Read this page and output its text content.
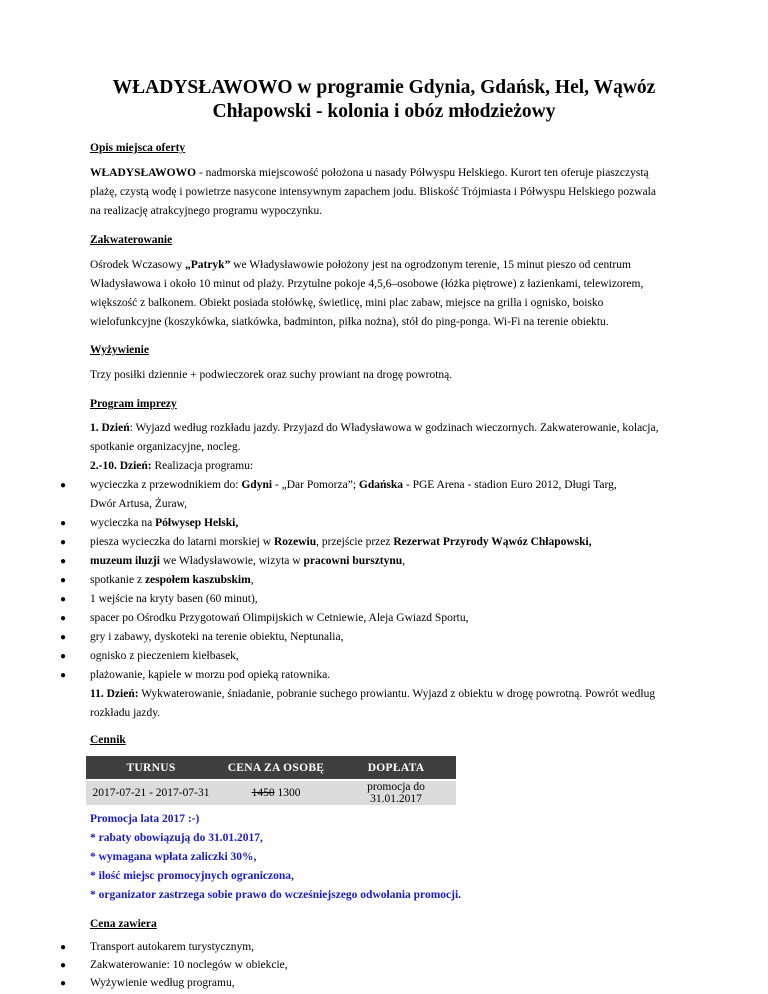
WŁADYSŁAWOWO w programie Gdynia, Gdańsk, Hel, Wąwóz Chłapowski - kolonia i obóz młodzieżowy

Opis miejsca oferty

WŁADYSŁAWOWO - nadmorska miejscowość położona u nasady Półwyspu Helskiego. Kurort ten oferuje piaszczystą
plażę, czystą wodę i powietrze nasycone intensywnym zapachem jodu. Bliskość Trójmiasta i Półwyspu Helskiego pozwala
na realizację atrakcyjnego programu wypoczynku.

Zakwaterowanie

Ośrodek Wczasowy „Patryk” we Władysławowie położony jest na ogrodzonym terenie, 15 minut pieszo od centrum
Władysławowa i około 10 minut od plaży. Przytulne pokoje 4,5,6–osobowe (łóżka piętrowe) z łazienkami, telewizorem,
większość z balkonem. Obiekt posiada stołówkę, świetlicę, mini plac zabaw, miejsce na grilla i ognisko, boisko
wielofunkcyjne (koszykówka, siatkówka, badminton, piłka nożna), stół do ping-ponga. Wi-Fi na terenie obiektu.

Wyżywienie

Trzy posiłki dziennie + podwieczorek oraz suchy prowiant na drogę powrotną.

Program imprezy

1. Dzień: Wyjazd według rozkładu jazdy. Przyjazd do Władysławowa w godzinach wieczornych. Zakwaterowanie, kolacja,
spotkanie organizacyjne, nocleg.
2.-10. Dzień: Realizacja programu:
● wycieczka z przewodnikiem do: Gdyni - „Dar Pomorza”; Gdańska - PGE Arena - stadion Euro 2012, Długi Targ,
Dwór Artusa, Żuraw,
● wycieczka na Półwysep Helski,
● piesza wycieczka do latarni morskiej w Rozewiu, przejście przez Rezerwat Przyrody Wąwóz Chłapowski,
● muzeum iluzji we Władysławowie, wizyta w pracowni bursztynu,
● spotkanie z zespołem kaszubskim,
● 1 wejście na kryty basen (60 minut),
● spacer po Ośrodku Przygotowań Olimpijskich w Cetniewie, Aleja Gwiazd Sportu,
● gry i zabawy, dyskoteki na terenie obiektu, Neptunalia,
● ognisko z pieczeniem kiełbasek,
● plażowanie, kąpiele w morzu pod opieką ratownika.
11. Dzień: Wykwaterowanie, śniadanie, pobranie suchego prowiantu. Wyjazd z obiektu w drogę powrotną. Powrót według
rozkładu jazdy.

Cennik

TURNUS	CENA ZA OSOBĘ	DOPŁATA
2017-07-21 - 2017-07-31	1450 1300	promocja do 31.01.2017
Promocja lata 2017 :-)
* rabaty obowiązują do 31.01.2017,
* wymagana wpłata zaliczki 30%,
* ilość miejsc promocyjnych ograniczona,
* organizator zastrzega sobie prawo do wcześniejszego odwołania promocji.

Cena zawiera

● Transport autokarem turystycznym,
● Zakwaterowanie: 10 noclegów w obiekcie,
● Wyżywienie według programu,
